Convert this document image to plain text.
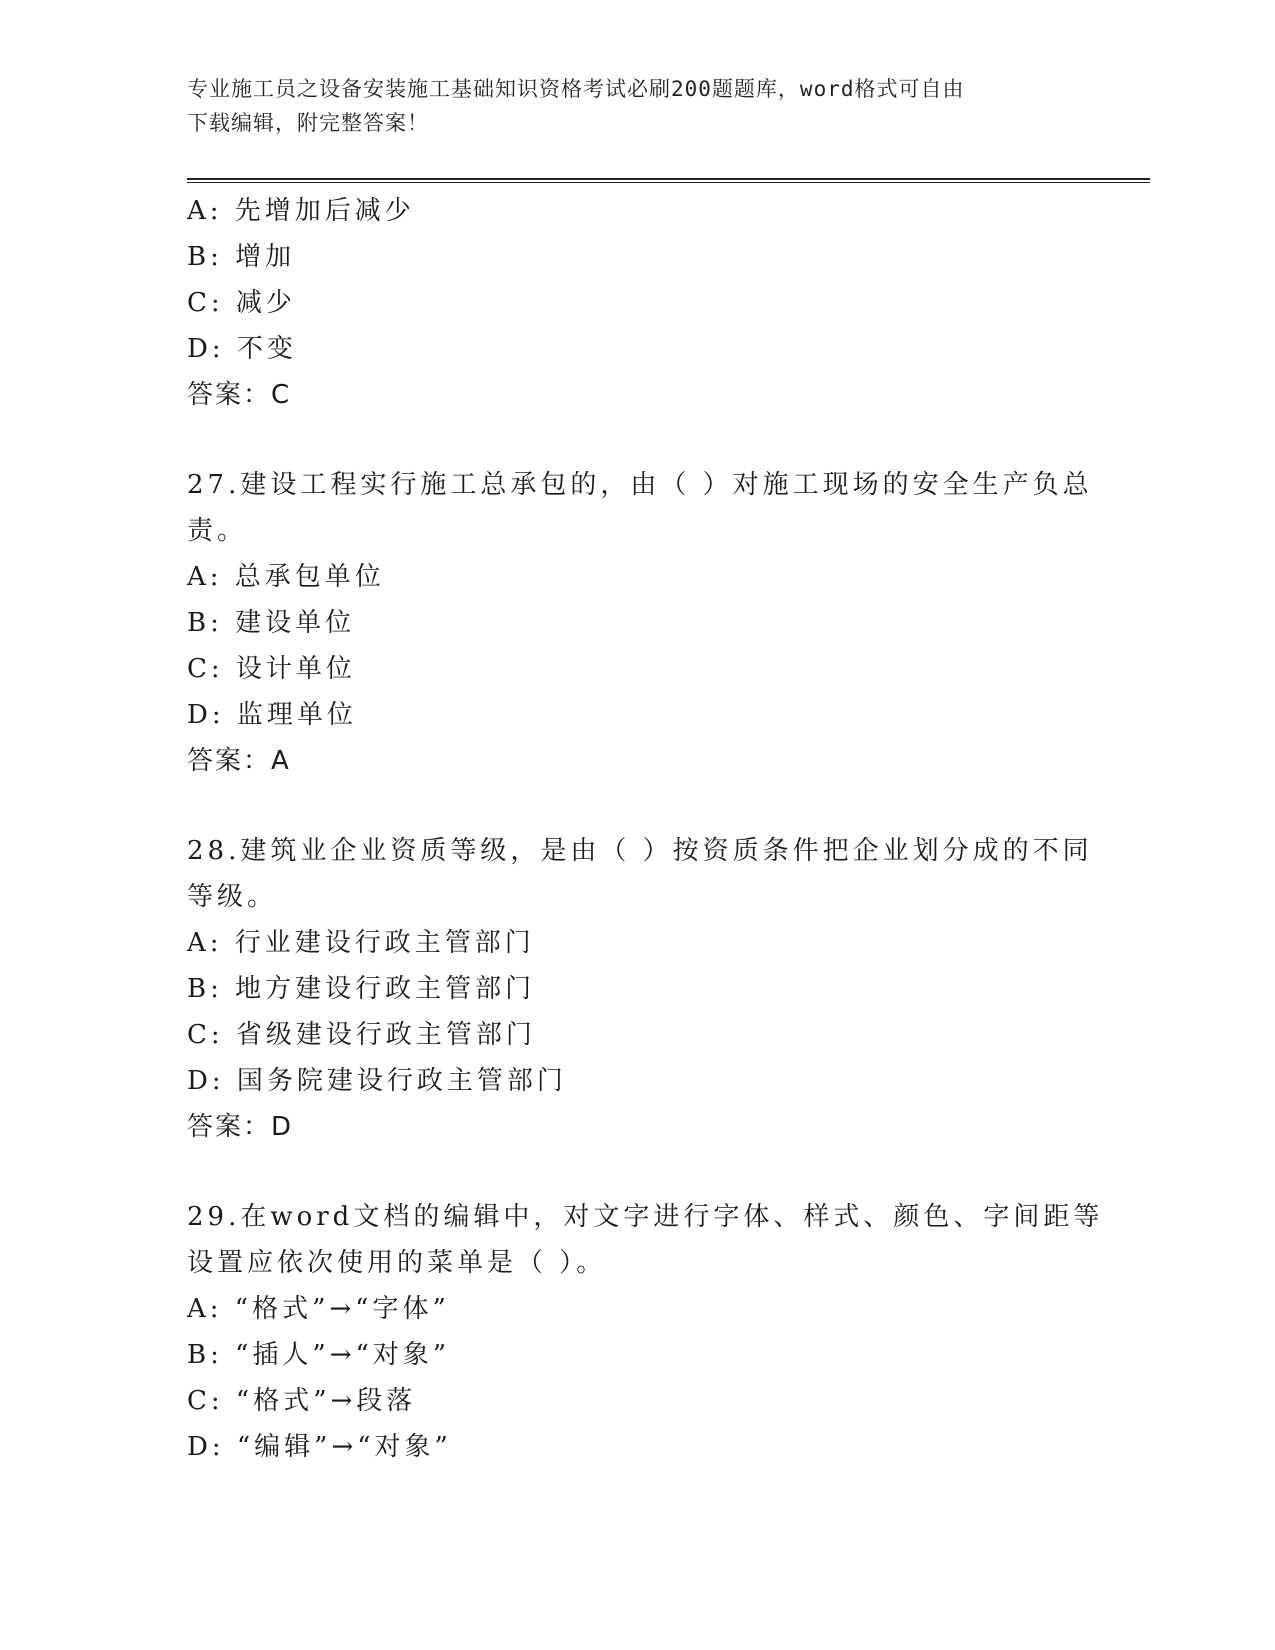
专业施工员之设备安装施工基础知识资格考试必刷200题题库，word格式可自由
下载编辑，附完整答案！
A: 先增加后减少
B: 增加
C: 减少
D: 不变
答案：C
27.建设工程实行施工总承包的，由（ ）对施工现场的安全生产负总
责。
A: 总承包单位
B: 建设单位
C: 设计单位
D: 监理单位
答案：A
28.建筑业企业资质等级，是由（ ）按资质条件把企业划分成的不同
等级。
A: 行业建设行政主管部门
B: 地方建设行政主管部门
C: 省级建设行政主管部门
D: 国务院建设行政主管部门
答案：D
29.在word文档的编辑中，对文字进行字体、样式、颜色、字间距等
设置应依次使用的菜单是（ ）。
A: “格式”→“字体”
B: “插人”→“对象”
C: “格式”→段落
D: “编辑”→“对象”
